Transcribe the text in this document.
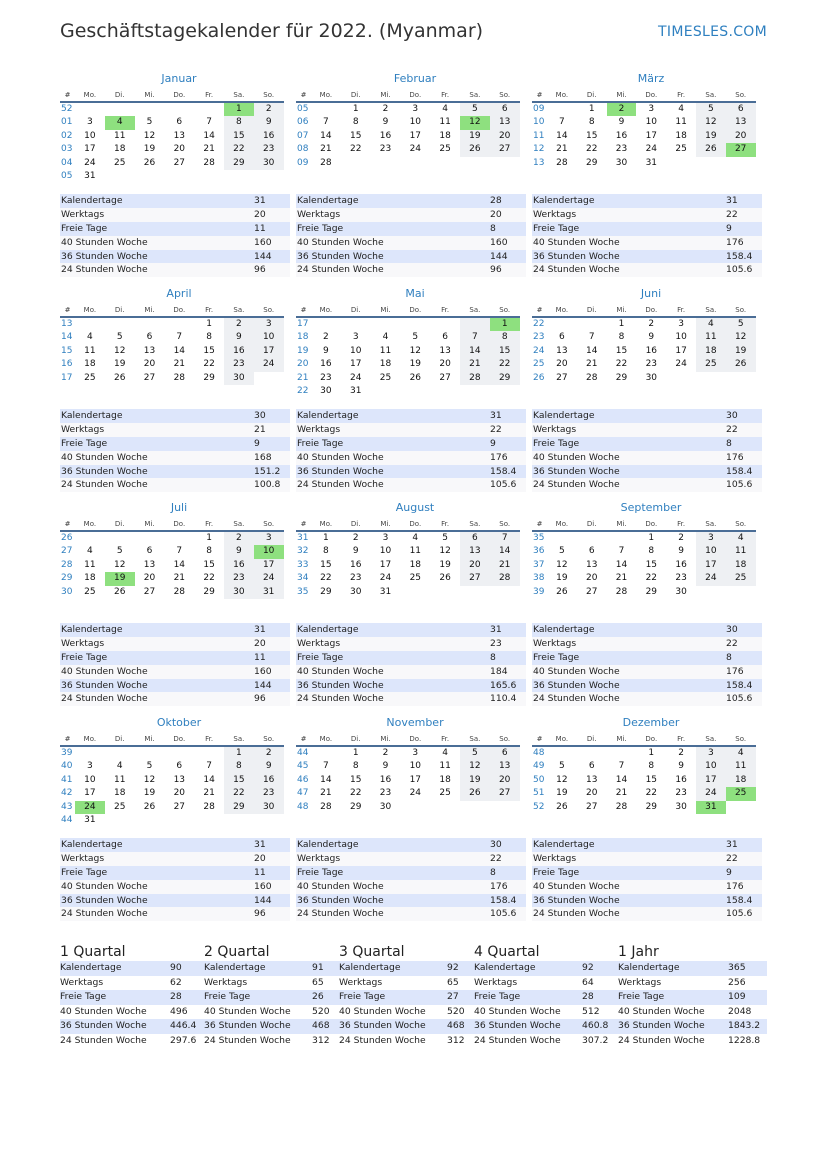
Geschäftstagekalender für 2022. (Myanmar)	TIMESLES.COM
Januar
#	Mo.	Di.	Mi.	Do.	Fr.	Sa.	So.
52						1	2
01	3	4	5	6	7	8	9
02	10	11	12	13	14	15	16
03	17	18	19	20	21	22	23
04	24	25	26	27	28	29	30
05	31						
Kalendertage	31
Werktags	20
Freie Tage	11
40 Stunden Woche	160
36 Stunden Woche	144
24 Stunden Woche	96
Februar
#	Mo.	Di.	Mi.	Do.	Fr.	Sa.	So.
05		1	2	3	4	5	6
06	7	8	9	10	11	12	13
07	14	15	16	17	18	19	20
08	21	22	23	24	25	26	27
09	28						
Kalendertage	28
Werktags	20
Freie Tage	8
40 Stunden Woche	160
36 Stunden Woche	144
24 Stunden Woche	96
März
#	Mo.	Di.	Mi.	Do.	Fr.	Sa.	So.
09		1	2	3	4	5	6
10	7	8	9	10	11	12	13
11	14	15	16	17	18	19	20
12	21	22	23	24	25	26	27
13	28	29	30	31			
Kalendertage	31
Werktags	22
Freie Tage	9
40 Stunden Woche	176
36 Stunden Woche	158.4
24 Stunden Woche	105.6
April
#	Mo.	Di.	Mi.	Do.	Fr.	Sa.	So.
13					1	2	3
14	4	5	6	7	8	9	10
15	11	12	13	14	15	16	17
16	18	19	20	21	22	23	24
17	25	26	27	28	29	30	
Kalendertage	30
Werktags	21
Freie Tage	9
40 Stunden Woche	168
36 Stunden Woche	151.2
24 Stunden Woche	100.8
Mai
#	Mo.	Di.	Mi.	Do.	Fr.	Sa.	So.
17							1
18	2	3	4	5	6	7	8
19	9	10	11	12	13	14	15
20	16	17	18	19	20	21	22
21	23	24	25	26	27	28	29
22	30	31					
Kalendertage	31
Werktags	22
Freie Tage	9
40 Stunden Woche	176
36 Stunden Woche	158.4
24 Stunden Woche	105.6
Juni
#	Mo.	Di.	Mi.	Do.	Fr.	Sa.	So.
22			1	2	3	4	5
23	6	7	8	9	10	11	12
24	13	14	15	16	17	18	19
25	20	21	22	23	24	25	26
26	27	28	29	30			
Kalendertage	30
Werktags	22
Freie Tage	8
40 Stunden Woche	176
36 Stunden Woche	158.4
24 Stunden Woche	105.6
Juli
#	Mo.	Di.	Mi.	Do.	Fr.	Sa.	So.
26					1	2	3
27	4	5	6	7	8	9	10
28	11	12	13	14	15	16	17
29	18	19	20	21	22	23	24
30	25	26	27	28	29	30	31
Kalendertage	31
Werktags	20
Freie Tage	11
40 Stunden Woche	160
36 Stunden Woche	144
24 Stunden Woche	96
August
#	Mo.	Di.	Mi.	Do.	Fr.	Sa.	So.
31	1	2	3	4	5	6	7
32	8	9	10	11	12	13	14
33	15	16	17	18	19	20	21
34	22	23	24	25	26	27	28
35	29	30	31				
Kalendertage	31
Werktags	23
Freie Tage	8
40 Stunden Woche	184
36 Stunden Woche	165.6
24 Stunden Woche	110.4
September
#	Mo.	Di.	Mi.	Do.	Fr.	Sa.	So.
35				1	2	3	4
36	5	6	7	8	9	10	11
37	12	13	14	15	16	17	18
38	19	20	21	22	23	24	25
39	26	27	28	29	30		
Kalendertage	30
Werktags	22
Freie Tage	8
40 Stunden Woche	176
36 Stunden Woche	158.4
24 Stunden Woche	105.6
Oktober
#	Mo.	Di.	Mi.	Do.	Fr.	Sa.	So.
39						1	2
40	3	4	5	6	7	8	9
41	10	11	12	13	14	15	16
42	17	18	19	20	21	22	23
43	24	25	26	27	28	29	30
44	31						
Kalendertage	31
Werktags	20
Freie Tage	11
40 Stunden Woche	160
36 Stunden Woche	144
24 Stunden Woche	96
November
#	Mo.	Di.	Mi.	Do.	Fr.	Sa.	So.
44		1	2	3	4	5	6
45	7	8	9	10	11	12	13
46	14	15	16	17	18	19	20
47	21	22	23	24	25	26	27
48	28	29	30				
Kalendertage	30
Werktags	22
Freie Tage	8
40 Stunden Woche	176
36 Stunden Woche	158.4
24 Stunden Woche	105.6
Dezember
#	Mo.	Di.	Mi.	Do.	Fr.	Sa.	So.
48				1	2	3	4
49	5	6	7	8	9	10	11
50	12	13	14	15	16	17	18
51	19	20	21	22	23	24	25
52	26	27	28	29	30	31	
Kalendertage	31
Werktags	22
Freie Tage	9
40 Stunden Woche	176
36 Stunden Woche	158.4
24 Stunden Woche	105.6
1 Quartal
Kalendertage	90
Werktags	62
Freie Tage	28
40 Stunden Woche	496
36 Stunden Woche	446.4
24 Stunden Woche	297.6
2 Quartal
Kalendertage	91
Werktags	65
Freie Tage	26
40 Stunden Woche 520
36 Stunden Woche 468
24 Stunden Woche 312
3 Quartal
Kalendertage	92
Werktags	65
Freie Tage	27
40 Stunden Woche 520
36 Stunden Woche 468
24 Stunden Woche 312
4 Quartal
Kalendertage	92
Werktags	64
Freie Tage	28
40 Stunden Woche 512
36 Stunden Woche 460.8
24 Stunden Woche 307.2
1 Jahr
Kalendertage	365
Werktags	256
Freie Tage	109
40 Stunden Woche	2048
36 Stunden Woche	1843.2
24 Stunden Woche	1228.8
